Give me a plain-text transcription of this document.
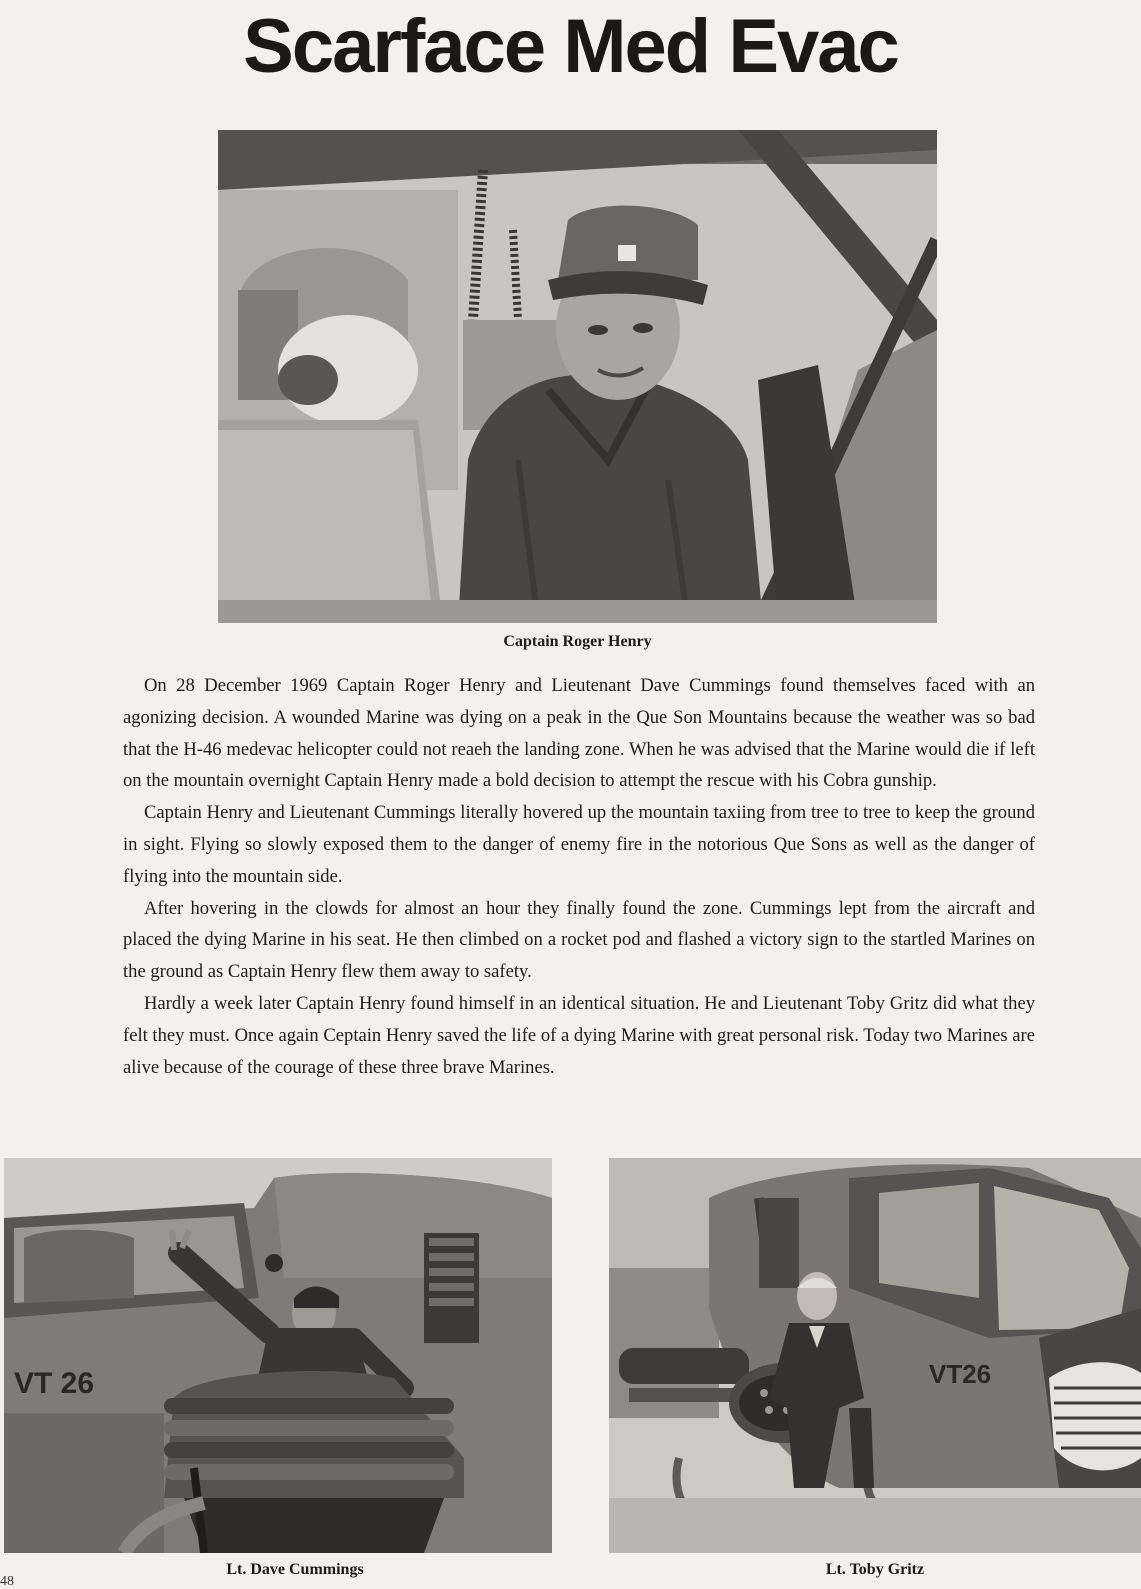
Scarface Med Evac
Captain Roger Henry

On 28 December 1969 Captain Roger Henry and Lieutenant Dave Cummings found themselves faced with an agonizing decision. A wounded Marine was dying on a peak in the Que Son Mountains because the weather was so bad that the H-46 medevac helicopter could not reaeh the landing zone. When he was advised that the Marine would die if left on the mountain overnight Captain Henry made a bold decision to attempt the rescue with his Cobra gunship.

Captain Henry and Lieutenant Cummings literally hovered up the mountain taxiing from tree to tree to keep the ground in sight. Flying so slowly exposed them to the danger of enemy fire in the notorious Que Sons as well as the danger of flying into the mountain side.

After hovering in the clowds for almost an hour they finally found the zone. Cummings lept from the aircraft and placed the dying Marine in his seat. He then climbed on a rocket pod and flashed a victory sign to the startled Marines on the ground as Captain Henry flew them away to safety.

Hardly a week later Captain Henry found himself in an identical situation. He and Lieutenant Toby Gritz did what they felt they must. Once again Ceptain Henry saved the life of a dying Marine with great personal risk. Today two Marines are alive because of the courage of these three brave Marines.

VT 26
Lt. Dave Cummings
VT26
Lt. Toby Gritz
48
